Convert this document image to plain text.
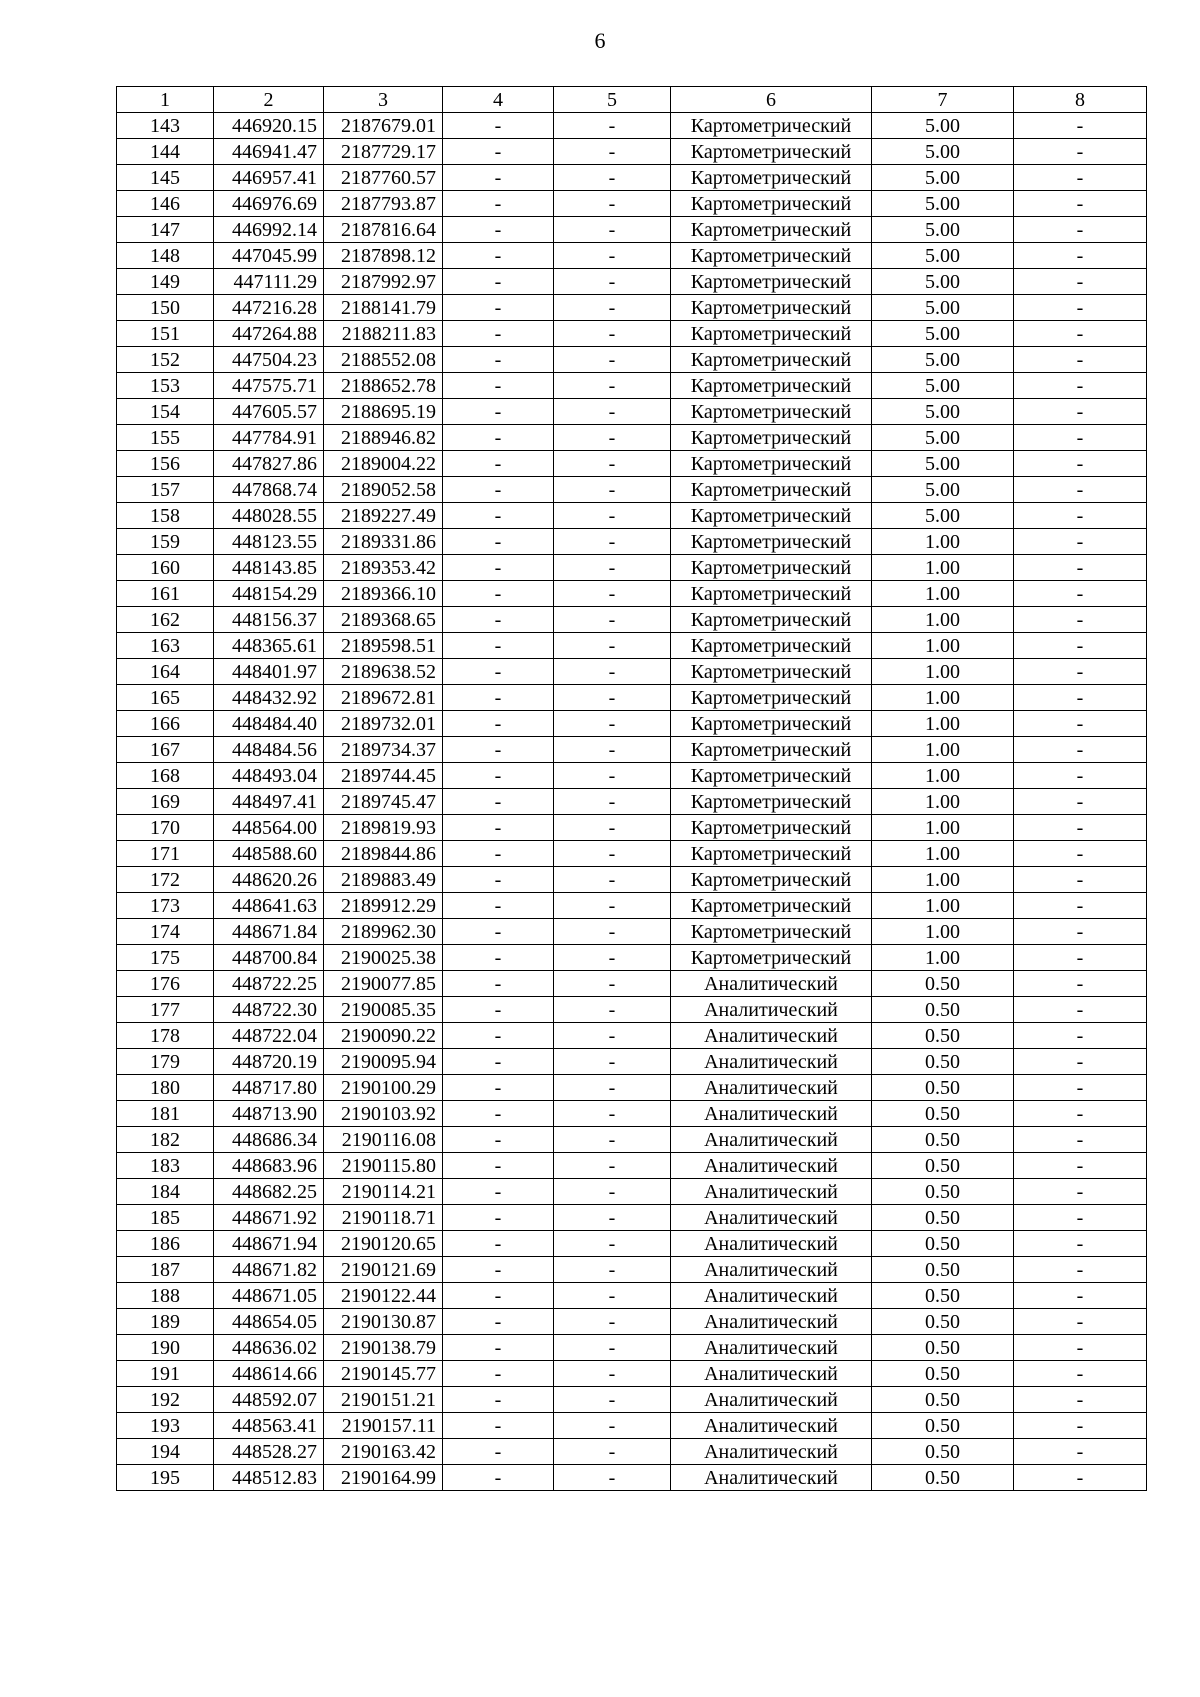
6
1	2	3	4	5	6	7	8
143	446920.15	2187679.01	-	-	Картометрический	5.00	-
144	446941.47	2187729.17	-	-	Картометрический	5.00	-
145	446957.41	2187760.57	-	-	Картометрический	5.00	-
146	446976.69	2187793.87	-	-	Картометрический	5.00	-
147	446992.14	2187816.64	-	-	Картометрический	5.00	-
148	447045.99	2187898.12	-	-	Картометрический	5.00	-
149	447111.29	2187992.97	-	-	Картометрический	5.00	-
150	447216.28	2188141.79	-	-	Картометрический	5.00	-
151	447264.88	2188211.83	-	-	Картометрический	5.00	-
152	447504.23	2188552.08	-	-	Картометрический	5.00	-
153	447575.71	2188652.78	-	-	Картометрический	5.00	-
154	447605.57	2188695.19	-	-	Картометрический	5.00	-
155	447784.91	2188946.82	-	-	Картометрический	5.00	-
156	447827.86	2189004.22	-	-	Картометрический	5.00	-
157	447868.74	2189052.58	-	-	Картометрический	5.00	-
158	448028.55	2189227.49	-	-	Картометрический	5.00	-
159	448123.55	2189331.86	-	-	Картометрический	1.00	-
160	448143.85	2189353.42	-	-	Картометрический	1.00	-
161	448154.29	2189366.10	-	-	Картометрический	1.00	-
162	448156.37	2189368.65	-	-	Картометрический	1.00	-
163	448365.61	2189598.51	-	-	Картометрический	1.00	-
164	448401.97	2189638.52	-	-	Картометрический	1.00	-
165	448432.92	2189672.81	-	-	Картометрический	1.00	-
166	448484.40	2189732.01	-	-	Картометрический	1.00	-
167	448484.56	2189734.37	-	-	Картометрический	1.00	-
168	448493.04	2189744.45	-	-	Картометрический	1.00	-
169	448497.41	2189745.47	-	-	Картометрический	1.00	-
170	448564.00	2189819.93	-	-	Картометрический	1.00	-
171	448588.60	2189844.86	-	-	Картометрический	1.00	-
172	448620.26	2189883.49	-	-	Картометрический	1.00	-
173	448641.63	2189912.29	-	-	Картометрический	1.00	-
174	448671.84	2189962.30	-	-	Картометрический	1.00	-
175	448700.84	2190025.38	-	-	Картометрический	1.00	-
176	448722.25	2190077.85	-	-	Аналитический	0.50	-
177	448722.30	2190085.35	-	-	Аналитический	0.50	-
178	448722.04	2190090.22	-	-	Аналитический	0.50	-
179	448720.19	2190095.94	-	-	Аналитический	0.50	-
180	448717.80	2190100.29	-	-	Аналитический	0.50	-
181	448713.90	2190103.92	-	-	Аналитический	0.50	-
182	448686.34	2190116.08	-	-	Аналитический	0.50	-
183	448683.96	2190115.80	-	-	Аналитический	0.50	-
184	448682.25	2190114.21	-	-	Аналитический	0.50	-
185	448671.92	2190118.71	-	-	Аналитический	0.50	-
186	448671.94	2190120.65	-	-	Аналитический	0.50	-
187	448671.82	2190121.69	-	-	Аналитический	0.50	-
188	448671.05	2190122.44	-	-	Аналитический	0.50	-
189	448654.05	2190130.87	-	-	Аналитический	0.50	-
190	448636.02	2190138.79	-	-	Аналитический	0.50	-
191	448614.66	2190145.77	-	-	Аналитический	0.50	-
192	448592.07	2190151.21	-	-	Аналитический	0.50	-
193	448563.41	2190157.11	-	-	Аналитический	0.50	-
194	448528.27	2190163.42	-	-	Аналитический	0.50	-
195	448512.83	2190164.99	-	-	Аналитический	0.50	-
